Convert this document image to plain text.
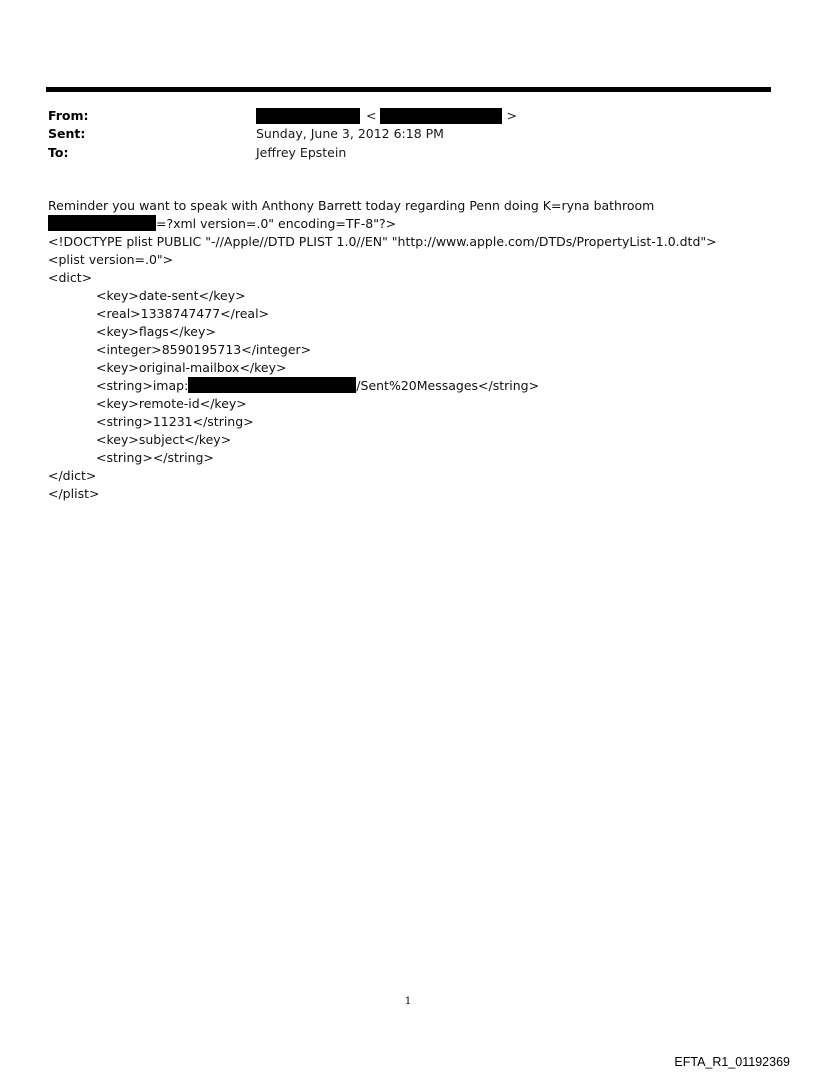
From:	<	>
Sent:	Sunday, June 3, 2012 6:18 PM
To:	Jeffrey Epstein
Reminder you want to speak with Anthony Barrett today regarding Penn doing K=ryna bathroom
=?xml version=.0" encoding=TF-8"?>
<!DOCTYPE plist PUBLIC "-//Apple//DTD PLIST 1.0//EN" "http://www.apple.com/DTDs/PropertyList-1.0.dtd">
<plist version=.0">
<dict>
<key>date-sent</key>
<real>1338747477</real>
<key>flags</key>
<integer>8590195713</integer>
<key>original-mailbox</key>
<string>imap:	/Sent%20Messages</string>
<key>remote-id</key>
<string>11231</string>
<key>subject</key>
<string></string>
</dict>
</plist>
1
EFTA_R1_01192369
